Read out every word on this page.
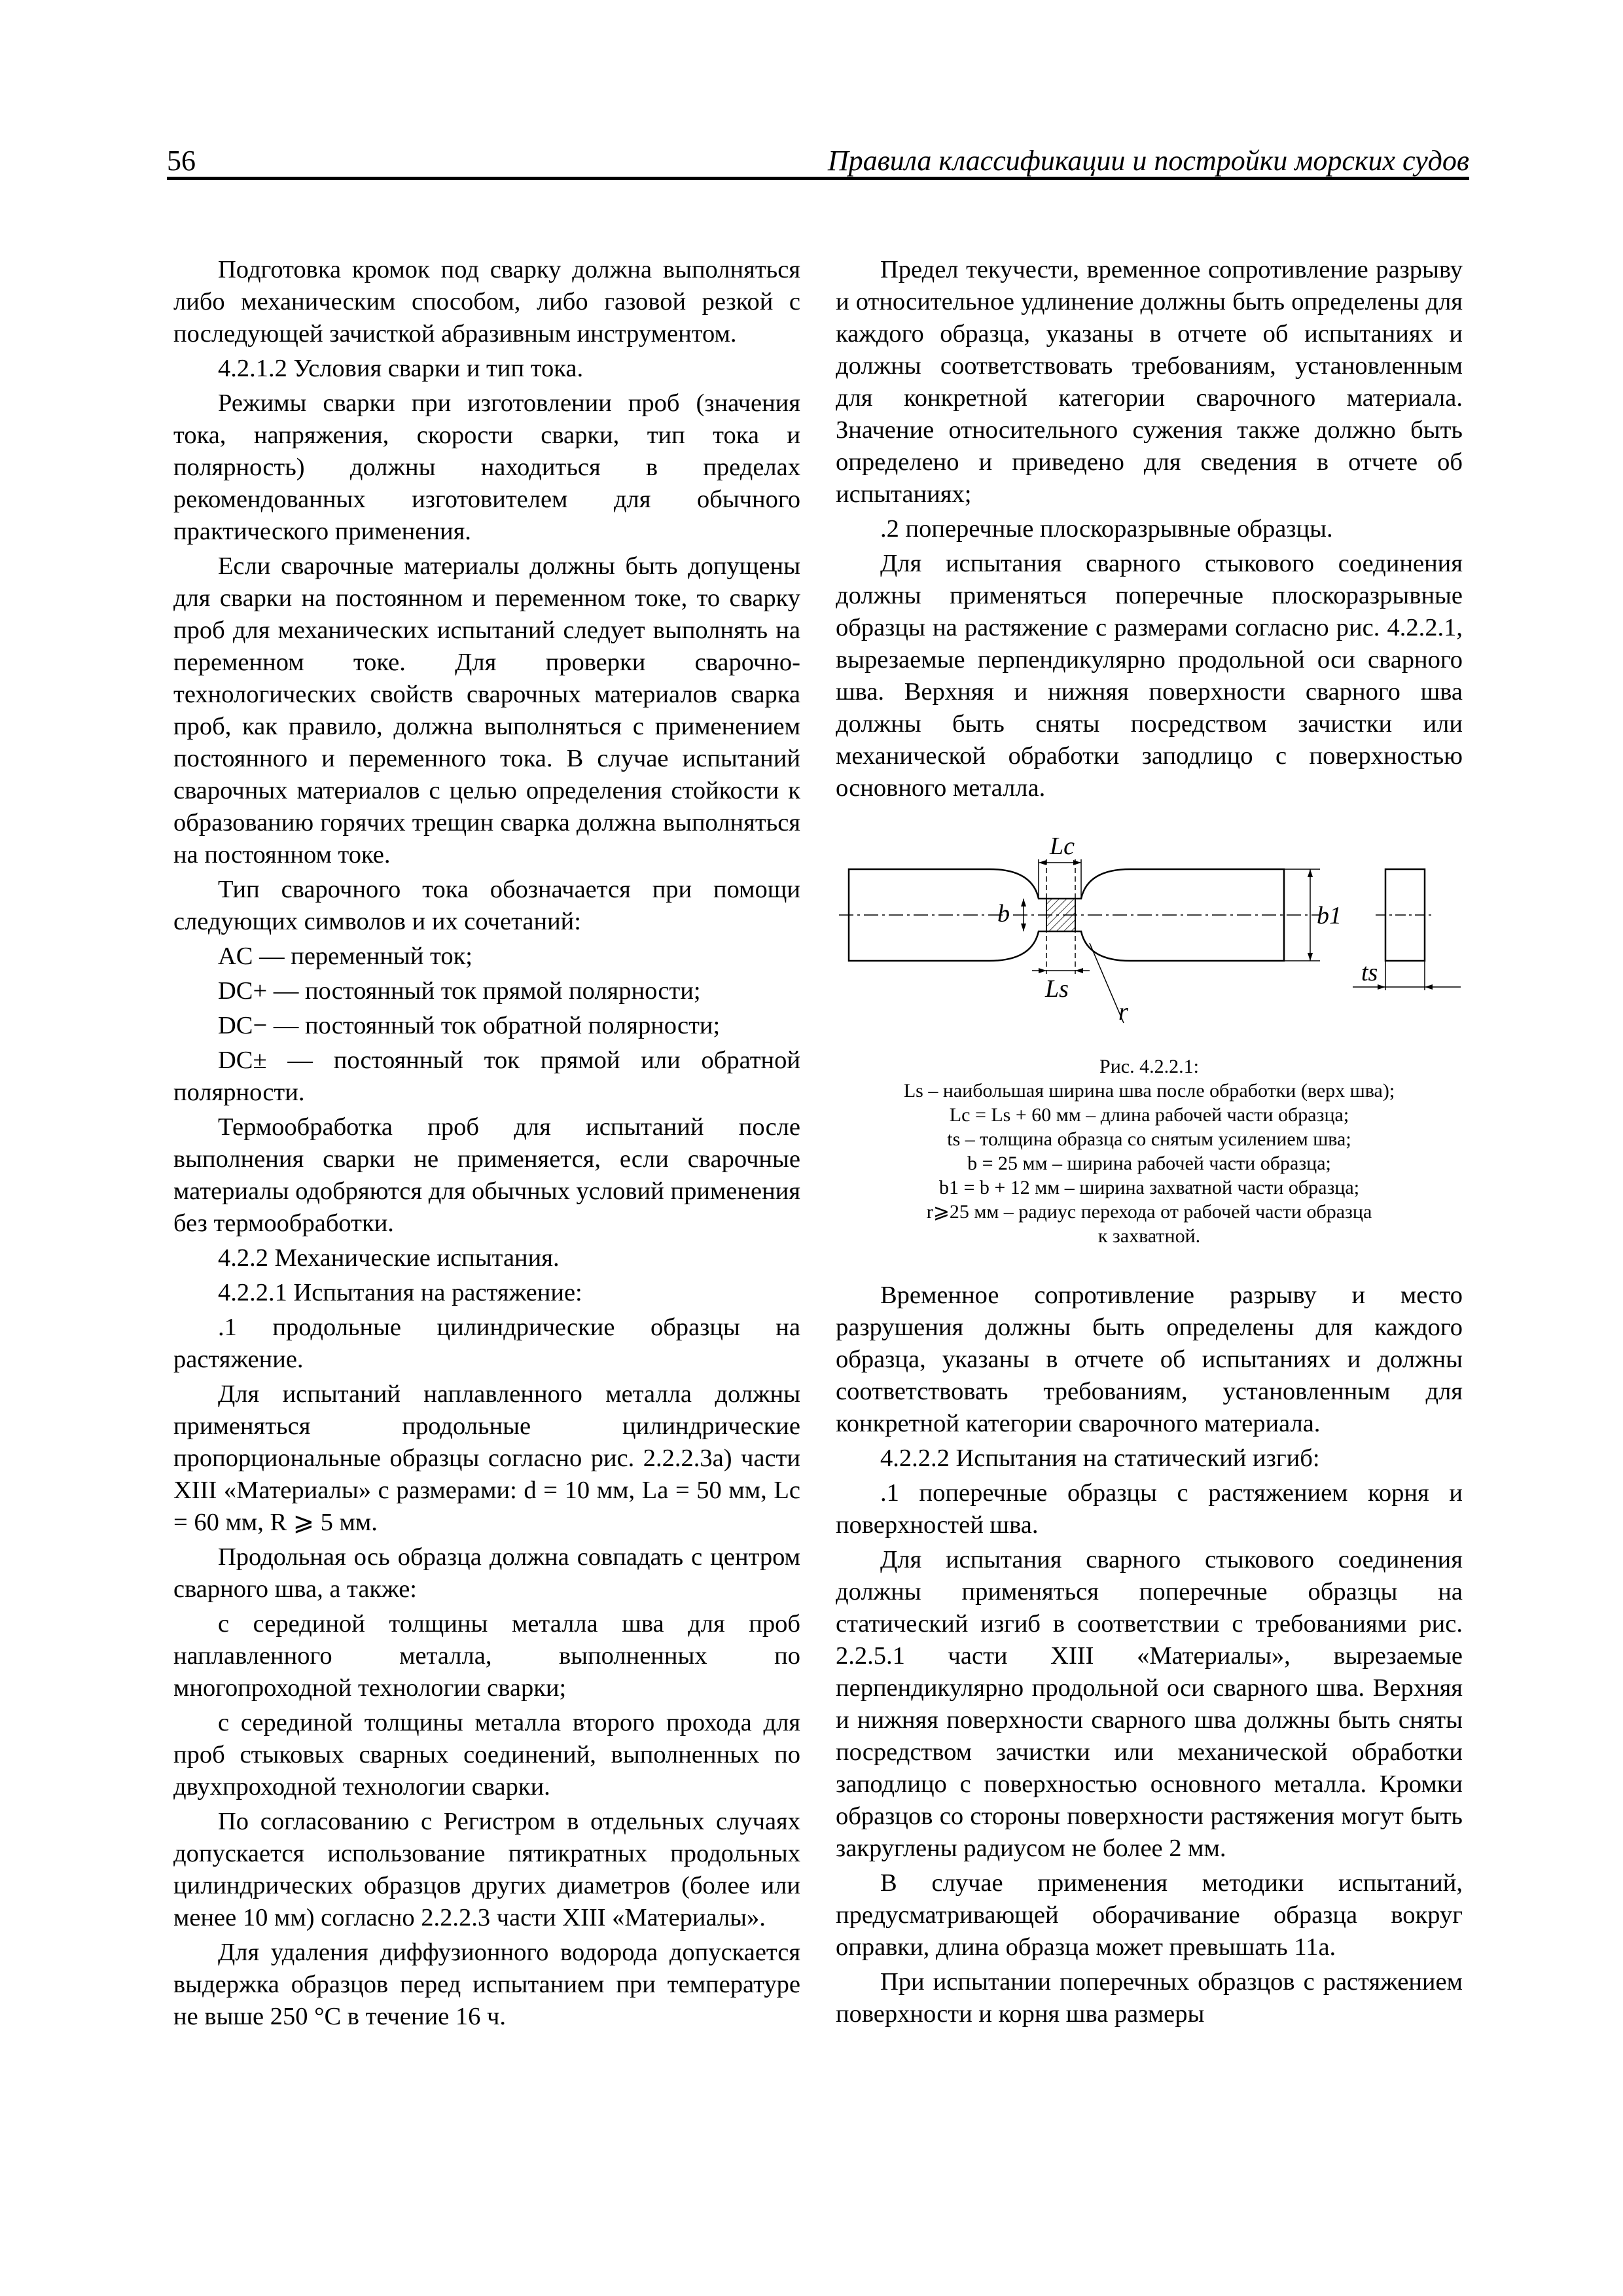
56	Правила классификации и постройки морских судов

Подготовка кромок под сварку должна выполняться либо механическим способом, либо газовой резкой с последующей зачисткой абразивным инструментом.

4.2.1.2 Условия сварки и тип тока.

Режимы сварки при изготовлении проб (значения тока, напряжения, скорости сварки, тип тока и полярность) должны находиться в пределах рекомендованных изготовителем для обычного практического применения.

Если сварочные материалы должны быть допущены для сварки на постоянном и переменном токе, то сварку проб для механических испытаний следует выполнять на переменном токе. Для проверки сварочно-технологических свойств сварочных материалов сварка проб, как правило, должна выполняться с применением постоянного и переменного тока. В случае испытаний сварочных материалов с целью определения стойкости к образованию горячих трещин сварка должна выполняться на постоянном токе.

Тип сварочного тока обозначается при помощи следующих символов и их сочетаний:

AC — переменный ток;

DC+ — постоянный ток прямой полярности;

DC− — постоянный ток обратной полярности;

DC± — постоянный ток прямой или обратной полярности.

Термообработка проб для испытаний после выполнения сварки не применяется, если сварочные материалы одобряются для обычных условий применения без термообработки.

4.2.2 Механические испытания.

4.2.2.1 Испытания на растяжение:

.1 продольные цилиндрические образцы на растяжение.

Для испытаний наплавленного металла должны применяться продольные цилиндрические пропорциональные образцы согласно рис. 2.2.2.3a) части XIII «Материалы» с размерами: d = 10 мм, La = 50 мм, Lc = 60 мм, R ⩾ 5 мм.

Продольная ось образца должна совпадать с центром сварного шва, а также:

с серединой толщины металла шва для проб наплавленного металла, выполненных по многопроходной технологии сварки;

с серединой толщины металла второго прохода для проб стыковых сварных соединений, выполненных по двухпроходной технологии сварки.

По согласованию с Регистром в отдельных случаях допускается использование пятикратных продольных цилиндрических образцов других диаметров (более или менее 10 мм) согласно 2.2.2.3 части XIII «Материалы».

Для удаления диффузионного водорода допускается выдержка образцов перед испытанием при температуре не выше 250 °C в течение 16 ч.

Предел текучести, временное сопротивление разрыву и относительное удлинение должны быть определены для каждого образца, указаны в отчете об испытаниях и должны соответствовать требованиям, установленным для конкретной категории сварочного материала. Значение относительного сужения также должно быть определено и приведено для сведения в отчете об испытаниях;

.2 поперечные плоскоразрывные образцы.

Для испытания сварного стыкового соединения должны применяться поперечные плоскоразрывные образцы на растяжение с размерами согласно рис. 4.2.2.1, вырезаемые перпендикулярно продольной оси сварного шва. Верхняя и нижняя поверхности сварного шва должны быть сняты посредством зачистки или механической обработки заподлицо с поверхностью основного металла.

Lc
Ls
b	b1
r
ts
Рис. 4.2.2.1:
Ls – наибольшая ширина шва после обработки (верх шва);
Lc = Ls + 60 мм – длина рабочей части образца;
ts – толщина образца со снятым усилением шва;
b = 25 мм – ширина рабочей части образца;
b1 = b + 12 мм – ширина захватной части образца;
r⩾25 мм – радиус перехода от рабочей части образца
к захватной.

Временное сопротивление разрыву и место разрушения должны быть определены для каждого образца, указаны в отчете об испытаниях и должны соответствовать требованиям, установленным для конкретной категории сварочного материала.

4.2.2.2 Испытания на статический изгиб:

.1 поперечные образцы с растяжением корня и поверхностей шва.

Для испытания сварного стыкового соединения должны применяться поперечные образцы на статический изгиб в соответствии с требованиями рис. 2.2.5.1 части XIII «Материалы», вырезаемые перпендикулярно продольной оси сварного шва. Верхняя и нижняя поверхности сварного шва должны быть сняты посредством зачистки или механической обработки заподлицо с поверхностью основного металла. Кромки образцов со стороны поверхности растяжения могут быть закруглены радиусом не более 2 мм.

В случае применения методики испытаний, предусматривающей оборачивание образца вокруг оправки, длина образца может превышать 11a.

При испытании поперечных образцов с растяжением поверхности и корня шва размеры
